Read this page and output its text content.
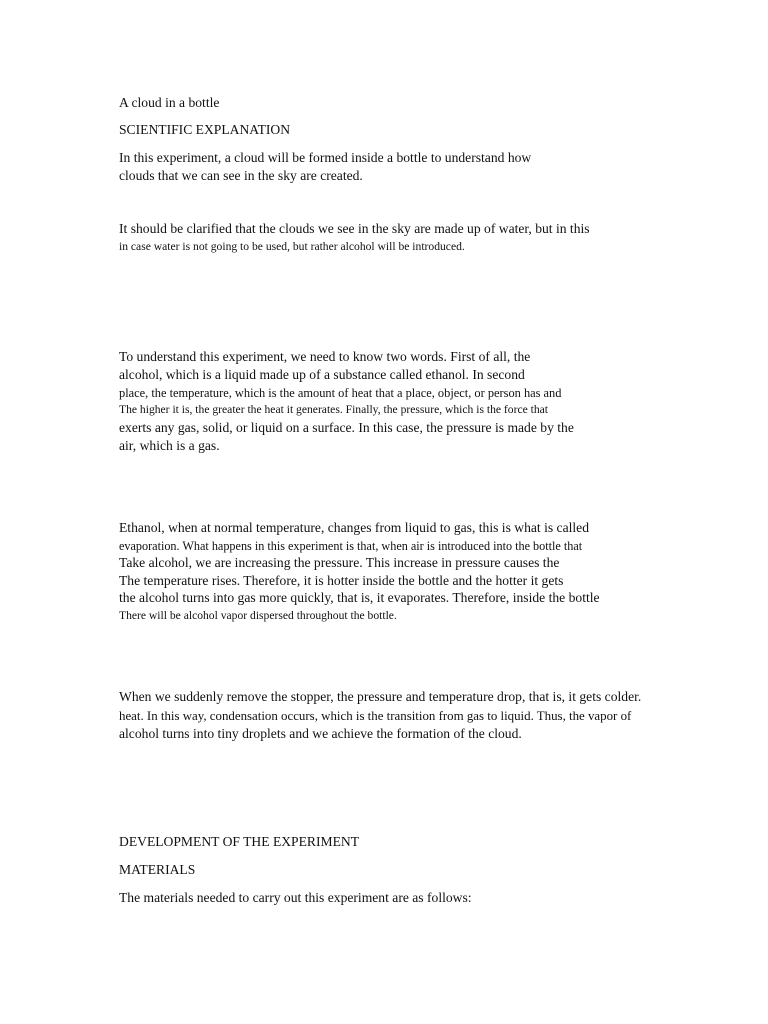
A cloud in a bottle
SCIENTIFIC EXPLANATION
In this experiment, a cloud will be formed inside a bottle to understand how
clouds that we can see in the sky are created.
It should be clarified that the clouds we see in the sky are made up of water, but in this
in case water is not going to be used, but rather alcohol will be introduced.
To understand this experiment, we need to know two words. First of all, the
alcohol, which is a liquid made up of a substance called ethanol. In second
place, the temperature, which is the amount of heat that a place, object, or person has and
The higher it is, the greater the heat it generates. Finally, the pressure, which is the force that
exerts any gas, solid, or liquid on a surface. In this case, the pressure is made by the
air, which is a gas.
Ethanol, when at normal temperature, changes from liquid to gas, this is what is called
evaporation. What happens in this experiment is that, when air is introduced into the bottle that
Take alcohol, we are increasing the pressure. This increase in pressure causes the
The temperature rises. Therefore, it is hotter inside the bottle and the hotter it gets
the alcohol turns into gas more quickly, that is, it evaporates. Therefore, inside the bottle
There will be alcohol vapor dispersed throughout the bottle.
When we suddenly remove the stopper, the pressure and temperature drop, that is, it gets colder.
heat. In this way, condensation occurs, which is the transition from gas to liquid. Thus, the vapor of
alcohol turns into tiny droplets and we achieve the formation of the cloud.
DEVELOPMENT OF THE EXPERIMENT
MATERIALS
The materials needed to carry out this experiment are as follows:
